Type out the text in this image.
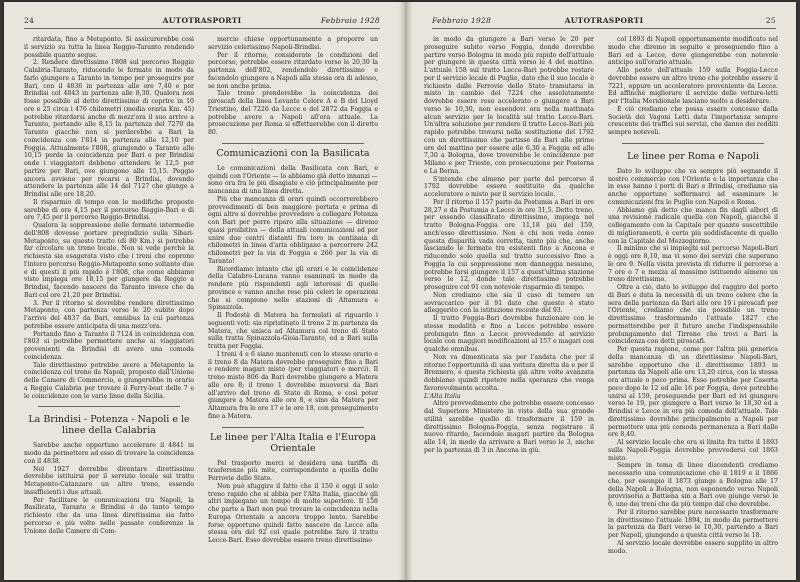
24	AUTOTRASPORTI	Febbraio 1928

ritardata, fino a Metaponto. Si assicurerebbe così il servizio su tutta la linea Reggio-Taranto rendendo possibile quanto segue.

2. Rendere direttissimo l'808 sul percorso Reggio Calabria-Taranto, riducendo le fermate in modo da farlo giungere a Taranto in tempo per proseguire per Bari, con il 4836 in partenza alle ore 7,40 e per Brindisi col 4843 in partenza alle 8,30. Qualora non fosse possibile al detto direttissimo di coprire in 10 ore e 25 circa i 476 chilometri (media oraria Km. 45) potrebbe ritardarsi anche di mezz'ora il suo arrivo a Taranto, portando alle 8,15 la partenza del 7270 da Taranto giacchè non si perderebbe a Bari la coincidenza con l'814 in partenza alle 12,10 per Foggia. Attualmente l'808, giungendo a Taranto alle 10,15 perde la coincidenza per Bari e per Brindisi onde i viaggiatori debbono attendere le 12,5 per partire per Bari, ove giungono alle 15,15. Peggio ancora avviene per recarsi a Brindisi, dovendo attendere la partenza alle 14 del 7127 che giunge a Brindisi alle ore 18,20.

Il risparmio di tempo con le modifiche proposte sarebbe di ore 4,15 per il percorso Reggio-Bari e di ore 7,45 per il percorso Reggio-Brindisi.

Qualora la soppressione delle fermate intermedie dell'808 dovesse portare pregiudizio sulla Sibari-Metaponto, su questo tratto (di 80 Km.) si potrebbe far circolare un treno locale. Non si vede perchè la richiesta sia esagerata visto che i treni che coprono l'intero percorso Reggio-Metaponto sono soltanto due e di questi il più rapido è l'808, che come abbiamo visto impiega ore 18,15 per giungere da Reggio a Brindisi, facendo nascere da Taranto invece che da Bari col ore 21,20 per Brindisi.

3. Per il ritorno si dovrebbe rendere direttissimo Metaponto, con partenza verso le 20 subito dopo l'arrivo del 4837 da Bari, omnibus la cui partenza potrebbe essere anticipata di una mezz'ora.

Portando fino a Taranto il 7124 in coincidenza con l'803 si potrebbe permettere anche ai viaggiatori provenienti da Brindisi di avere una comoda coincidenza.

Tale direttissimo potrebbe avere a Metaponto la coincidenza col treno da Napoli, proposto dall'Unione delle Camere di Commercio, e giungerebbe in orario a Reggio Calabria per trovare il Ferry-boat delle 7 e le coincidenze con le varie linee della Sicilia.

La Brindisi - Potenza - Napoli e le linee della Calabria

Sarebbe anche opportuno accelerare il 4841 in modo da permettere ad esso di trovare la coincidenza con il 4838.

Nel 1927 dovrebbe diventare direttissimo dovrebbe istituirsi per il servizio locale sul tratto Metaponto-Catanzaro un altro treno, essendo insufficienti i due attuali.

Per facilitare le comunicazioni tra Napoli, la Basilicata, Taranto e Brindisi è da tanto tempo richiesto che da una linea direttissima sia fatto percorso e più volte nelle passate conferenze la Unione delle Camere di Com-

mercio chiese opportunamente a proporre un servizio celerissimo Napoli-Brindisi.

Per il ritorno, considerate le condizioni del percorso, potrebbe essere ritardato verso le 20,30 la partenza dell'802, rendendolo direttissimo e facendolo giungere a Napoli alla stessa ora di adesso, se non anche prima.

Tale treno prenderebbe la coincidenza dei piroscafi della linea Levante Celere A e B del Lloyd Triestino, del 7226 da Lecce e del 2872 da Foggia e potrebbe avere a Napoli all'ora attuale. La prosecuzione per Roma si effettuerebbe con il diretto 80.

Comunicazioni con la Basilicata

Le comunicazioni della Basilicata con Bari, e quindi con l'Oriente — lo abbiamo già detto innanzi — sono ora fra le più disagiate e ciò principalmente per mancanza di una linea diretta.

Più che mancanza di orari quindi occorrerebbero provvedimenti di ben maggiore portata e prima di ogni altro si dovrebbe provvedere a collegare Potenza con Bari per porre riparo alla situazione — diremo quasi proibitiva — della attuali comunicazioni ed per unire due centri distanti fra loro in centinaia di chilometri in linea d'aria obbligano a percorrere 242 chilometri per la via di Foggia e 266 per la via di Taranto!

Ricordiamo intanto che gli orari e le coincidenze della Calabro-Lucana vanno esaminati in modo da rendere più rispondenti agli interessi di quelle province e vanno anche rese più celeri le operazioni che si compiono nelle stazioni di Altamura e Spinazzola.

Il Podestà di Matera ha formulati al riguardo i seguenti voti: sia ripristinato il treno 2 in partenza da Matera, che unisca ad Altamura col treno di Stato sulla tratta Spinazzola-Gioia-Taranto, ed a Bari sulla tratta per Foggia.

I treni 4 e 6 siano mantenuti con lo stesso orario e il treno 8 da Matera dovrebbe proseguire fino a Bari e rendere magari misto (per viaggiatori e merci). Il treno misto 806 da Bari dovrebbe giungere a Matera alle ore 8; il treno 1 dovrebbe muoversi da Bari all'arrivo del treno di Stato di Roma, e così poter giungere a Matera alle ore 8, e sino da Matera per Altamura fra le ore 17 e le ore 18, con proseguimento fino a Matera.

Le linee per l'Alta Italia e l'Europa Orientale

Pel trasporto merci si desidera una tariffa di trasferenze più mite, corrispondente a quella delle Ferrovie dello Stato.

Non può sfuggire il fatto che il 150 è oggi il solo treno rapido che si abbia per l'Alta Italia, giacchè gli altri impiegano un tempo di molto superiore. Il 158 che parte a Bari non può trovare la coincidenza nella Europa Orientale a ancora troppo lento. Sarebbe forse opportuno quindi fatto nascere da Lecce alla stessa ora del 92 col quale potrebbe fare il tratto Lecce-Bari. Esso dovrebbe essere treno direttissimo

Febbraio 1928	AUTOTRASPORTI	25

in modo da giungere a Bari verso le 20 per proseguire subito verso Foggia, donde dovrebbe partire verso Bologna in modo più rapido dell'attuale per giungere in questa città verso le 4 del mattino. L'attuale 158 sul tratto Lecce-Bari potrebbe restare per il servizio locale di Puglie, dato che il suo locale è richiesto dalle Ferrovie dello Stato tramutarsi in misto in cambio del 7224 che assolutamente dovrebbe essere reso accelerato o giungere a Bari verso le 10,30, non essendovi ora nella mattinata alcun servizio per le località sul tratto Lecce-Bari. Un'altra soluzione per rendere il tratto Lecce-Bari più rapido potrebbe trovarsi nella sostituzione del 1792 con un direttissimo che partisse da Bari alle prime ore del mattino per essere alle 6,30 a Foggia ed alle 7,30 a Bologna, dove troverebbe le coincidenze per Milano e per Trieste, con prosecuzione per Posterna e La Berna.

S'intende che almeno per parte del percorso il 1792 dovrebbe essere sostituito da qualche acceleratore o misto per il servizio locale.

Per il ritorno il 157 parte da Postumia a Bari in ore 28,27 e da Postumia a Lecce in ore 31,5. Detto treno, per essendo classificato direttissimo, impiega nel tratto Bologna-Foggia ore 11,18 più del 159, anch'esso direttissimo. Non è chi non veda come questa disparità vada corretta, tanto più che, anche lasciando le fermate tra esistenti fino a Ancona e riducendo solo quella sul tratto successivo fino a Foggia la cui soppressione non danneggia nessuno, potrebbe farsi giungere il 157 a quest'ultima stazione verso le 12, donde tale direttissimo potrebbe proseguire col 91 con notevole risparmio di tempo.

Non crediamo che sia il caso di temere un sovraccarico per il 91 dato che questo è stato alleggerito con la istituzione recente del 93.

Il tratto Foggia-Bari dovrebbe funzionare con le stesse modalità e fino a Lecce potrebbe essere prolungato fino a Lecce provvedendo al servizio locale con maggiori modificazioni al 157 e magari con qualche omnibus.

Non va dimenticata sia per l'andata che per il ritorno l'opportunità di una vettura diretta da e per il Brennero, e questa richiesta già altre volte avanzata dobbiamo quindi ripetere nella speranza che venga favorevolmente accolta.

L'Alta Italia

Altro provvedimento che potrebbe essere concesso dal Superiore Ministero in vista della sua grande utilità sarebbe quello di trasformare il 159 in direttissimo Bologna-Foggia, senza registrare il nuovo ritardo, facendolo magari partire da Bologna alle 14, in modo da arrivare a Bari verso le 3, anche per la partenza di 3 in Ancona in giù.

col 1893 di Napoli opportunamente modificato nel modo che diremo in seguito e proseguendo fino a Bari ed a Lecce, dove giungerebbe con notevole anticipo sull'orario attuale.

Allo posto dell'attuale 159 sulla Foggia-Lecce dovrebbe essere un altro treno che potrebbe essere il 7221, oppure un acceleratore proveniente da Lecce. Ed affinchè migliorare il servizio delle vetture-letti per l'Italia Meridionale lasciano molto a desiderare.

E ciò crediamo che possa essere concesso dalla Società dei Vagoni Letti data l'importanza sempre crescente dei traffici sui servizi, che danno dei redditi sempre notevoli.

Le linee per Roma e Napoli

Dato lo sviluppo che va sempre più segnando il nostro commercio con l'Oriente e la importanza che in esso hanno i porti di Bari e Brindisi, crediamo sia anche opportuno soffermarci ad esaminare le comunicazioni fra le Puglie con Napoli e Roma.

Abbiamo già detto che manca fin dagli albori di una revisione radicale quella con Napoli, giacchè il collegamento con la Capitale per quanto suscettibile di miglioramenti, è certo più soddisfacente di quello con la Capitale del Mezzogiorno.

Il minimo che si impieghi sul percorso Napoli-Bari è oggi ore 8,10, ma vi sono dei servizi che superano le ore 9. Nella visita prevista di ridurre il percorso a 7 ore o 7 e mezza al massimo istituendo almeno un treno direttissimo.

Oltre a ciò, dato lo sviluppo del raggiro del porto di Bari e data la necessità di un treno celere che la sera della partenza da Bari alle ore 19 i piroscafi per l'Oriente, crediamo che sia possibile un treno direttissimo trasformando l'attuale 1827 che permetterebbe per il futuro anche l'indispensabile prolungamento del Tirreno che trovi a Bari la coincidenza con detti piroscafi.

Per questa ragione, come per l'altra più generica della mancanza di un direttissimo Napoli-Bari, sarebbe opportuno che il direttissimo 1893 in partenza da Napoli alle ore 13,20 circa, con la stessa ora attuale o poco prima. Esso potrebbe per Caserta poco dopo le 12 ed alle 16 per Foggia, dove potrebbe unirsi al 159, proseguendo per Bari ed ivi giungere verso le 19, per giungere a Bari verso le 18,30 ed a Brindisi e Lecce in ora più comoda dell'attuale. Tale direttissimo dovrebbe principalmente a Napoli per permettere una più comoda permanenza a Bari dalle ore 8,40.

Al servizio locale che ora si limita fra tutte il 1893 sulla Napoli-Foggia dovrebbe provvedersi col 1863 misto.

Sempre in tema di linee discendenti crediamo necessario una comunicazione che il 1819 e il 1866 che, per esempio il 1873 giunge a Bologna alle 17 della Napoli a Bologna, non esponendo verso Napoli provvisoria a Battiena sin a Bari ove giunge verso le 6, uno dei treni che da più tempo dal che dovrebbe.

Per il ritorno sarebbe pure necessario trasformare in direttissimo l'attuale 1894, in modo da permettere la partenza da Bari verso le 10,30, partendo a Bari per Napoli, giungendo a questa città verso le 18.

Al servizio locale dovrebbe essere supplito in altro modo.
